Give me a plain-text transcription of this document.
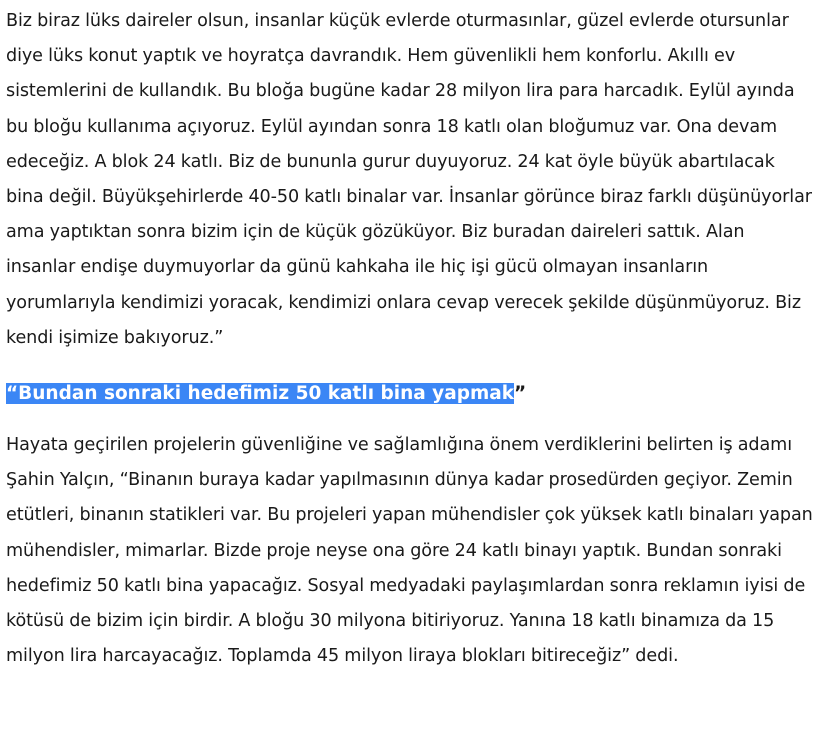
Biz biraz lüks daireler olsun, insanlar küçük evlerde oturmasınlar, güzel evlerde otursunlar diye lüks konut yaptık ve hoyratça davrandık. Hem güvenlikli hem konforlu. Akıllı ev sistemlerini de kullandık. Bu bloğa bugüne kadar 28 milyon lira para harcadık. Eylül ayında bu bloğu kullanıma açıyoruz. Eylül ayından sonra 18 katlı olan bloğumuz var. Ona devam edeceğiz. A blok 24 katlı. Biz de bununla gurur duyuyoruz. 24 kat öyle büyük abartılacak bina değil. Büyükşehirlerde 40-50 katlı binalar var. İnsanlar görünce biraz farklı düşünüyorlar ama yaptıktan sonra bizim için de küçük gözüküyor. Biz buradan daireleri sattık. Alan insanlar endişe duymuyorlar da günü kahkaha ile hiç işi gücü olmayan insanların yorumlarıyla kendimizi yoracak, kendimizi onlara cevap verecek şekilde düşünmüyoruz. Biz kendi işimize bakıyoruz.”

“Bundan sonraki hedefimiz 50 katlı bina yapmak”

Hayata geçirilen projelerin güvenliğine ve sağlamlığına önem verdiklerini belirten iş adamı Şahin Yalçın, “Binanın buraya kadar yapılmasının dünya kadar prosedürden geçiyor. Zemin etütleri, binanın statikleri var. Bu projeleri yapan mühendisler çok yüksek katlı binaları yapan mühendisler, mimarlar. Bizde proje neyse ona göre 24 katlı binayı yaptık. Bundan sonraki hedefimiz 50 katlı bina yapacağız. Sosyal medyadaki paylaşımlardan sonra reklamın iyisi de kötüsü de bizim için birdir. A bloğu 30 milyona bitiriyoruz. Yanına 18 katlı binamıza da 15 milyon lira harcayacağız. Toplamda 45 milyon liraya blokları bitireceğiz” dedi.
